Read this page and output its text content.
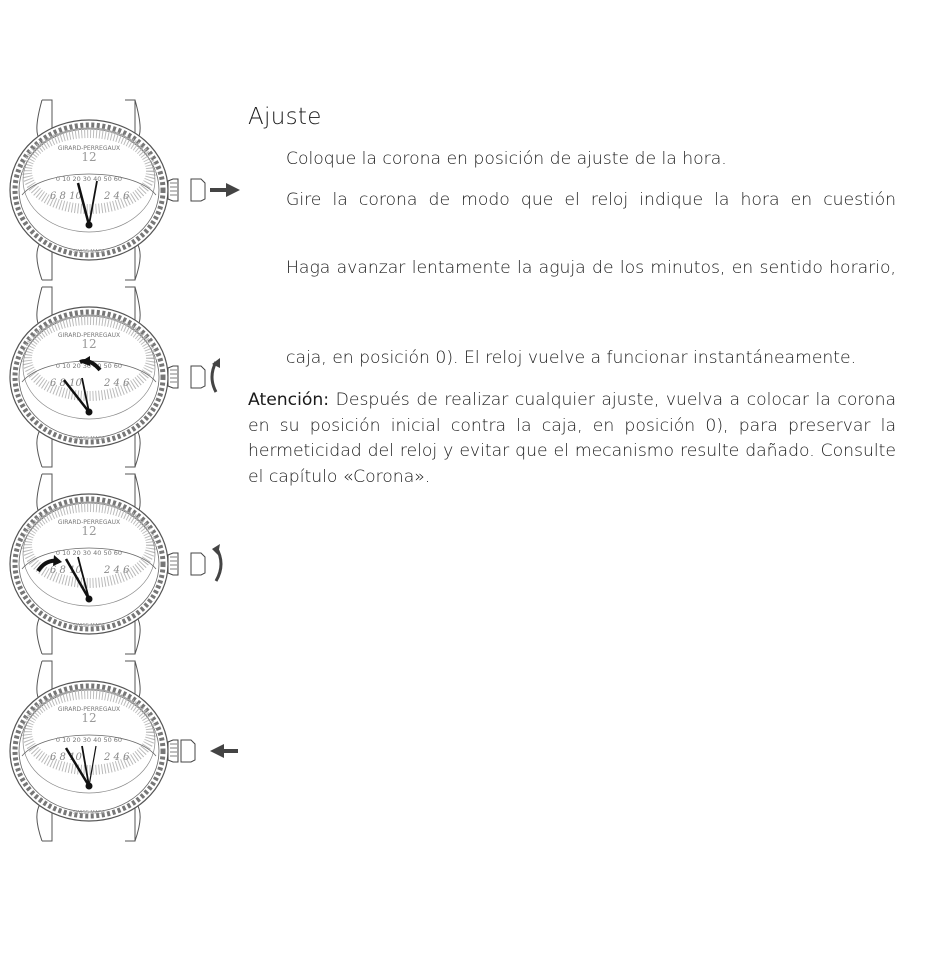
Ajuste
Coloque la corona en posición de ajuste de la hora.
Gire la corona de modo que el reloj indique la hora en cuestión
Haga avanzar lentamente la aguja de los minutos, en sentido horario,
caja, en posición 0). El reloj vuelve a funcionar instantáneamente.
Atención: Después de realizar cualquier ajuste, vuelva a colocar la corona en su posición inicial contra la caja, en posición 0), para preservar la hermeticidad del reloj y evitar que el mecanismo resulte dañado. Consulte el capítulo «Corona».
